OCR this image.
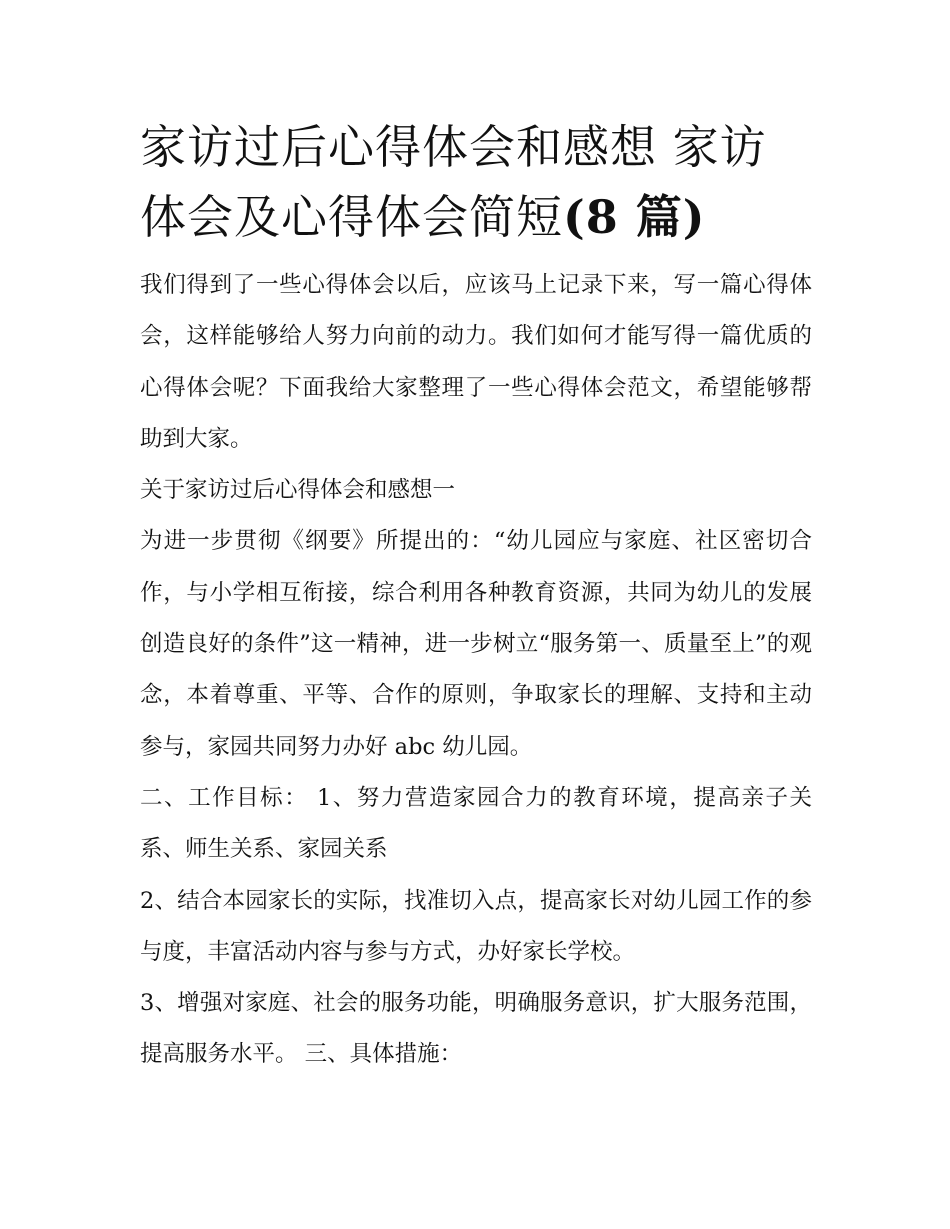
家访过后心得体会和感想 家访体会及心得体会简短(8 篇)

我们得到了一些心得体会以后，应该马上记录下来，写一篇心得体会，这样能够给人努力向前的动力。我们如何才能写得一篇优质的心得体会呢？下面我给大家整理了一些心得体会范文，希望能够帮助到大家。

关于家访过后心得体会和感想一

为进一步贯彻《纲要》所提出的：“幼儿园应与家庭、社区密切合作，与小学相互衔接，综合利用各种教育资源，共同为幼儿的发展创造良好的条件”这一精神，进一步树立“服务第一、质量至上”的观念，本着尊重、平等、合作的原则，争取家长的理解、支持和主动参与，家园共同努力办好 abc 幼儿园。

二、工作目标： 1、努力营造家园合力的教育环境，提高亲子关系、师生关系、家园关系

2、结合本园家长的实际，找准切入点，提高家长对幼儿园工作的参与度，丰富活动内容与参与方式，办好家长学校。

3、增强对家庭、社会的服务功能，明确服务意识，扩大服务范围，提高服务水平。 三、具体措施：
